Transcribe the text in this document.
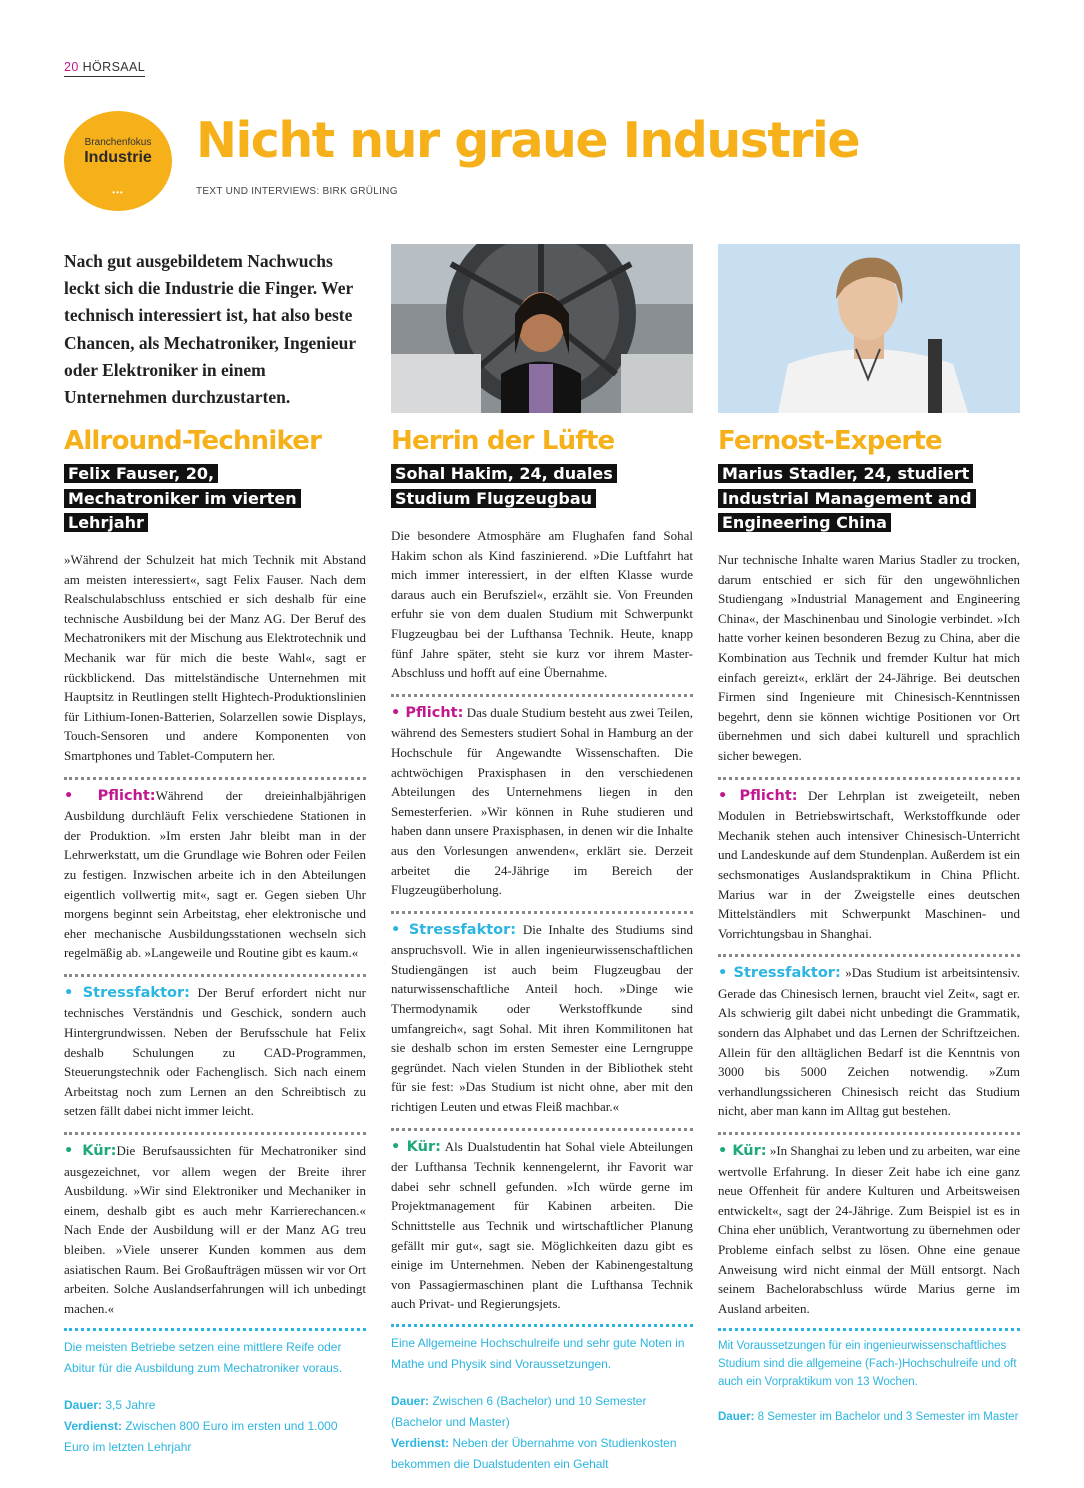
20 HÖRSAAL
Branchenfokus
Industrie
•••
Nicht nur graue Industrie
TEXT UND INTERVIEWS: BIRK GRÜLING
Nach gut ausgebildetem Nachwuchs leckt sich die Industrie die Finger. Wer technisch interessiert ist, hat also beste Chancen, als Mechatroniker, Ingenieur oder Elektroniker in einem Unternehmen durchzustarten.
Allround-Techniker	Herrin der Lüfte	Fernost-Experte
Felix Fauser, 20, Mechatroniker im vierten Lehrjahr
Sohal Hakim, 24, duales Studium Flugzeugbau
Marius Stadler, 24, studiert Industrial Management and Engineering China

»Während der Schulzeit hat mich Technik mit Abstand am meisten interessiert«, sagt Felix Fauser. Nach dem Realschulabschluss entschied er sich deshalb für eine technische Ausbildung bei der Manz AG. Der Beruf des Mechatronikers mit der Mischung aus Elektrotechnik und Mechanik war für mich die beste Wahl«, sagt er rückblickend. Das mittelständische Unternehmen mit Hauptsitz in Reutlingen stellt Hightech-Produktionslinien für Lithium-Ionen-Batterien, Solarzellen sowie Displays, Touch-Sensoren und andere Komponenten von Smartphones und Tablet-Computern her.

• Pflicht:Während der dreieinhalbjährigen Ausbildung durchläuft Felix verschiedene Stationen in der Produktion. »Im ersten Jahr bleibt man in der Lehrwerkstatt, um die Grundlage wie Bohren oder Feilen zu festigen. Inzwischen arbeite ich in den Abteilungen eigentlich vollwertig mit«, sagt er. Gegen sieben Uhr morgens beginnt sein Arbeitstag, eher elektronische und eher mechanische Ausbildungsstationen wechseln sich regelmäßig ab. »Langeweile und Routine gibt es kaum.«

• Stressfaktor: Der Beruf erfordert nicht nur technisches Verständnis und Geschick, sondern auch Hintergrundwissen. Neben der Berufsschule hat Felix deshalb Schulungen zu CAD-Programmen, Steuerungstechnik oder Fachenglisch. Sich nach einem Arbeitstag noch zum Lernen an den Schreibtisch zu setzen fällt dabei nicht immer leicht.

• Kür:Die Berufsaussichten für Mechatroniker sind ausgezeichnet, vor allem wegen der Breite ihrer Ausbildung. »Wir sind Elektroniker und Mechaniker in einem, deshalb gibt es auch mehr Karrierechancen.« Nach Ende der Ausbildung will er der Manz AG treu bleiben. »Viele unserer Kunden kommen aus dem asiatischen Raum. Bei Großaufträgen müssen wir vor Ort arbeiten. Solche Auslandserfahrungen will ich unbedingt machen.«

Die meisten Betriebe setzen eine mittlere Reife oder Abitur für die Ausbildung zum Mechatroniker voraus.
Dauer: 3,5 Jahre
Verdienst: Zwischen 800 Euro im ersten und 1.000 Euro im letzten Lehrjahr

Die besondere Atmosphäre am Flughafen fand Sohal Hakim schon als Kind faszinierend. »Die Luftfahrt hat mich immer interessiert, in der elften Klasse wurde daraus auch ein Berufsziel«, erzählt sie. Von Freunden erfuhr sie von dem dualen Studium mit Schwerpunkt Flugzeugbau bei der Lufthansa Technik. Heute, knapp fünf Jahre später, steht sie kurz vor ihrem Master-Abschluss und hofft auf eine Übernahme.

• Pflicht: Das duale Studium besteht aus zwei Teilen, während des Semesters studiert Sohal in Hamburg an der Hochschule für Angewandte Wissenschaften. Die achtwöchigen Praxisphasen in den verschiedenen Abteilungen des Unternehmens liegen in den Semesterferien. »Wir können in Ruhe studieren und haben dann unsere Praxisphasen, in denen wir die Inhalte aus den Vorlesungen anwenden«, erklärt sie. Derzeit arbeitet die 24-Jährige im Bereich der Flugzeugüberholung.

• Stressfaktor: Die Inhalte des Studiums sind anspruchsvoll. Wie in allen ingenieurwissenschaftlichen Studiengängen ist auch beim Flugzeugbau der naturwissenschaftliche Anteil hoch. »Dinge wie Thermodynamik oder Werkstoffkunde sind umfangreich«, sagt Sohal. Mit ihren Kommilitonen hat sie deshalb schon im ersten Semester eine Lerngruppe gegründet. Nach vielen Stunden in der Bibliothek steht für sie fest: »Das Studium ist nicht ohne, aber mit den richtigen Leuten und etwas Fleiß machbar.«

• Kür: Als Dualstudentin hat Sohal viele Abteilungen der Lufthansa Technik kennengelernt, ihr Favorit war dabei sehr schnell gefunden. »Ich würde gerne im Projektmanagement für Kabinen arbeiten. Die Schnittstelle aus Technik und wirtschaftlicher Planung gefällt mir gut«, sagt sie. Möglichkeiten dazu gibt es einige im Unternehmen. Neben der Kabinengestaltung von Passagiermaschinen plant die Lufthansa Technik auch Privat- und Regierungsjets.

Eine Allgemeine Hochschulreife und sehr gute Noten in Mathe und Physik sind Voraussetzungen.
Dauer: Zwischen 6 (Bachelor) und 10 Semester (Bachelor und Master)
Verdienst: Neben der Übernahme von Studienkosten bekommen die Dualstudenten ein Gehalt

Nur technische Inhalte waren Marius Stadler zu trocken, darum entschied er sich für den ungewöhnlichen Studiengang »Industrial Management and Engineering China«, der Maschinenbau und Sinologie verbindet. »Ich hatte vorher keinen besonderen Bezug zu China, aber die Kombination aus Technik und fremder Kultur hat mich einfach gereizt«, erklärt der 24-Jährige. Bei deutschen Firmen sind Ingenieure mit Chinesisch-Kenntnissen begehrt, denn sie können wichtige Positionen vor Ort übernehmen und sich dabei kulturell und sprachlich sicher bewegen.

• Pflicht: Der Lehrplan ist zweigeteilt, neben Modulen in Betriebswirtschaft, Werkstoffkunde oder Mechanik stehen auch intensiver Chinesisch-Unterricht und Landeskunde auf dem Stundenplan. Außerdem ist ein sechsmonatiges Auslandspraktikum in China Pflicht. Marius war in der Zweigstelle eines deutschen Mittelständlers mit Schwerpunkt Maschinen- und Vorrichtungsbau in Shanghai.

• Stressfaktor: »Das Studium ist arbeitsintensiv. Gerade das Chinesisch lernen, braucht viel Zeit«, sagt er. Als schwierig gilt dabei nicht unbedingt die Grammatik, sondern das Alphabet und das Lernen der Schriftzeichen. Allein für den alltäglichen Bedarf ist die Kenntnis von 3000 bis 5000 Zeichen notwendig. »Zum verhandlungssicheren Chinesisch reicht das Studium nicht, aber man kann im Alltag gut bestehen.

• Kür: »In Shanghai zu leben und zu arbeiten, war eine wertvolle Erfahrung. In dieser Zeit habe ich eine ganz neue Offenheit für andere Kulturen und Arbeitsweisen entwickelt«, sagt der 24-Jährige. Zum Beispiel ist es in China eher unüblich, Verantwortung zu übernehmen oder Probleme einfach selbst zu lösen. Ohne eine genaue Anweisung wird nicht einmal der Müll entsorgt. Nach seinem Bachelorabschluss würde Marius gerne im Ausland arbeiten.

Mit Voraussetzungen für ein ingenieurwissenschaftliches Studium sind die allgemeine (Fach-)Hochschulreife und oft auch ein Vorpraktikum von 13 Wochen.
Dauer: 8 Semester im Bachelor und 3 Semester im Master
